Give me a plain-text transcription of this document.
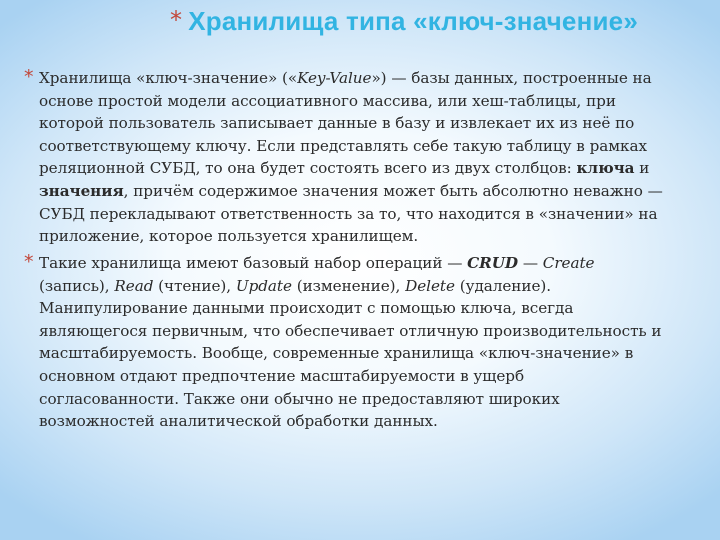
* Хранилища типа «ключ-значение»
* Хранилища «ключ-значение» («Key-Value») — базы данных, построенные на
основе простой модели ассоциативного массива, или хеш-таблицы, при
которой пользователь записывает данные в базу и извлекает их из неё по
соответствующему ключу. Если представлять себе такую таблицу в рамках
реляционной СУБД, то она будет состоять всего из двух столбцов: ключа и
значения, причём содержимое значения может быть абсолютно неважно —
СУБД перекладывают ответственность за то, что находится в «значении» на
приложение, которое пользуется хранилищем.
* Такие хранилища имеют базовый набор операций — CRUD — Create
(запись), Read (чтение), Update (изменение), Delete (удаление).
Манипулирование данными происходит с помощью ключа, всегда
являющегося первичным, что обеспечивает отличную производительность и
масштабируемость. Вообще, современные хранилища «ключ-значение» в
основном отдают предпочтение масштабируемости в ущерб
согласованности. Также они обычно не предоставляют широких
возможностей аналитической обработки данных.
